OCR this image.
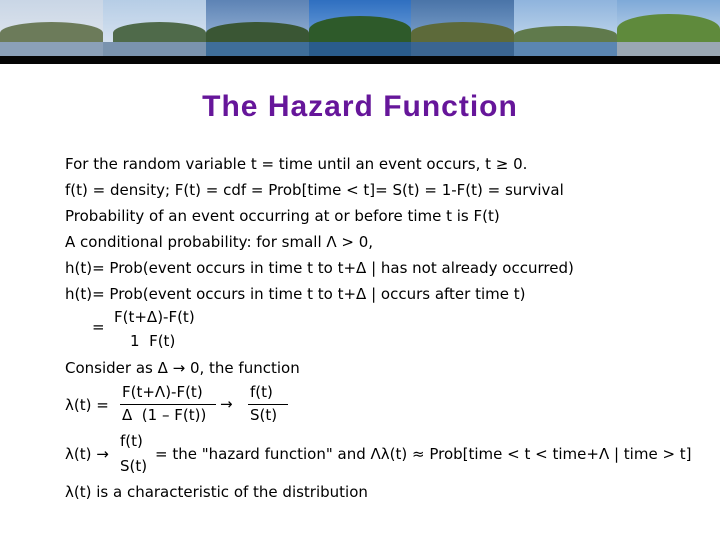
The Hazard Function
For the random variable t = time until an event occurs, t ≥ 0.
f(t) = density; F(t) = cdf = Prob[time < t]= S(t) = 1-F(t) = survival
Probability of an event occurring at or before time t is F(t)
A conditional probability: for small Λ > 0,
h(t)= Prob(event occurs in time t to t+Δ | has not already occurred)
h(t)= Prob(event occurs in time t to t+Δ | occurs after time t)
=
F(t+Δ)-F(t)
1  F(t)
Consider as Δ → 0, the function
λ(t) =
F(t+Λ)-F(t)
Δ  (1 – F(t))
→
f(t)
S(t)
λ(t) →
f(t)
S(t)
= the "hazard function" and Λλ(t) ≈ Prob[time < t < time+Λ | time > t]
λ(t) is a characteristic of the distribution
